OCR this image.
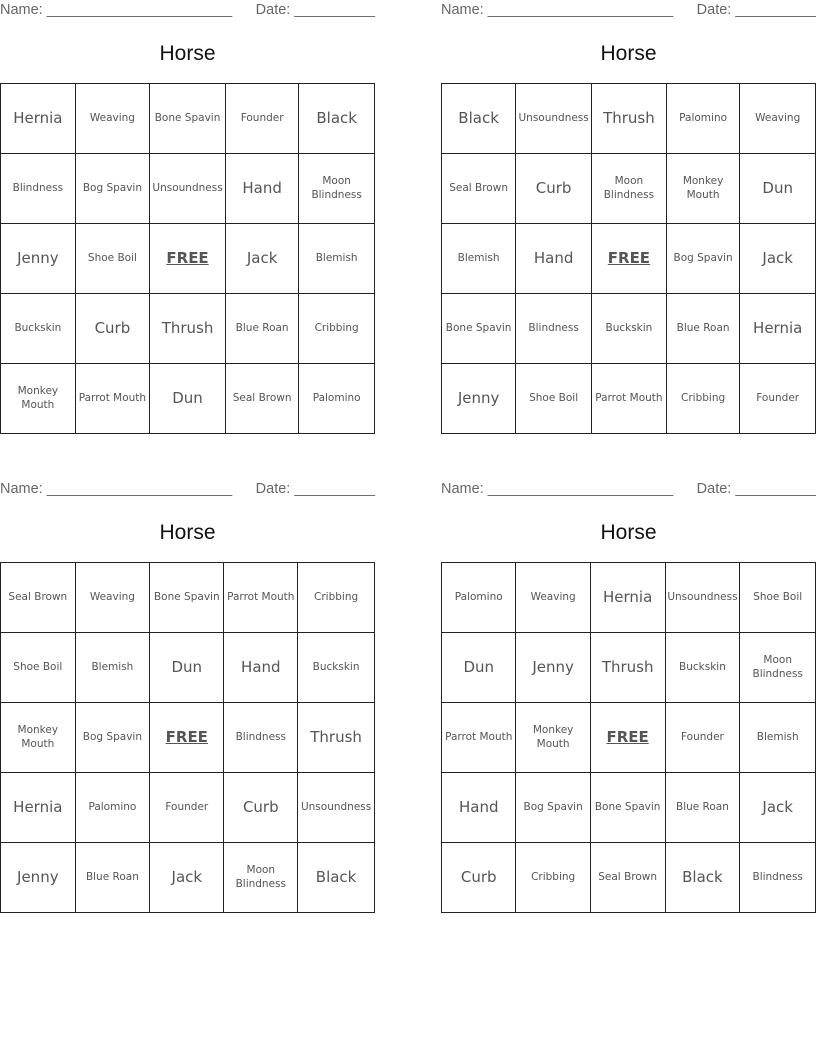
Name: _______________________ Date: __________
Horse
Hernia	Weaving	Bone Spavin	Founder	Black
Blindness	Bog Spavin	Unsoundness	Hand	Moon Blindness
Jenny	Shoe Boil	FREE	Jack	Blemish
Buckskin	Curb	Thrush	Blue Roan	Cribbing
Monkey Mouth	Parrot Mouth	Dun	Seal Brown	Palomino
Name: _______________________ Date: __________
Horse
Black	Unsoundness	Thrush	Palomino	Weaving
Seal Brown	Curb	Moon Blindness	Monkey Mouth	Dun
Blemish	Hand	FREE	Bog Spavin	Jack
Bone Spavin	Blindness	Buckskin	Blue Roan	Hernia
Jenny	Shoe Boil	Parrot Mouth	Cribbing	Founder
Name: _______________________ Date: __________
Horse
Seal Brown	Weaving	Bone Spavin	Parrot Mouth	Cribbing
Shoe Boil	Blemish	Dun	Hand	Buckskin
Monkey Mouth	Bog Spavin	FREE	Blindness	Thrush
Hernia	Palomino	Founder	Curb	Unsoundness
Jenny	Blue Roan	Jack	Moon Blindness	Black
Name: _______________________ Date: __________
Horse
Palomino	Weaving	Hernia	Unsoundness	Shoe Boil
Dun	Jenny	Thrush	Buckskin	Moon Blindness
Parrot Mouth	Monkey Mouth	FREE	Founder	Blemish
Hand	Bog Spavin	Bone Spavin	Blue Roan	Jack
Curb	Cribbing	Seal Brown	Black	Blindness
